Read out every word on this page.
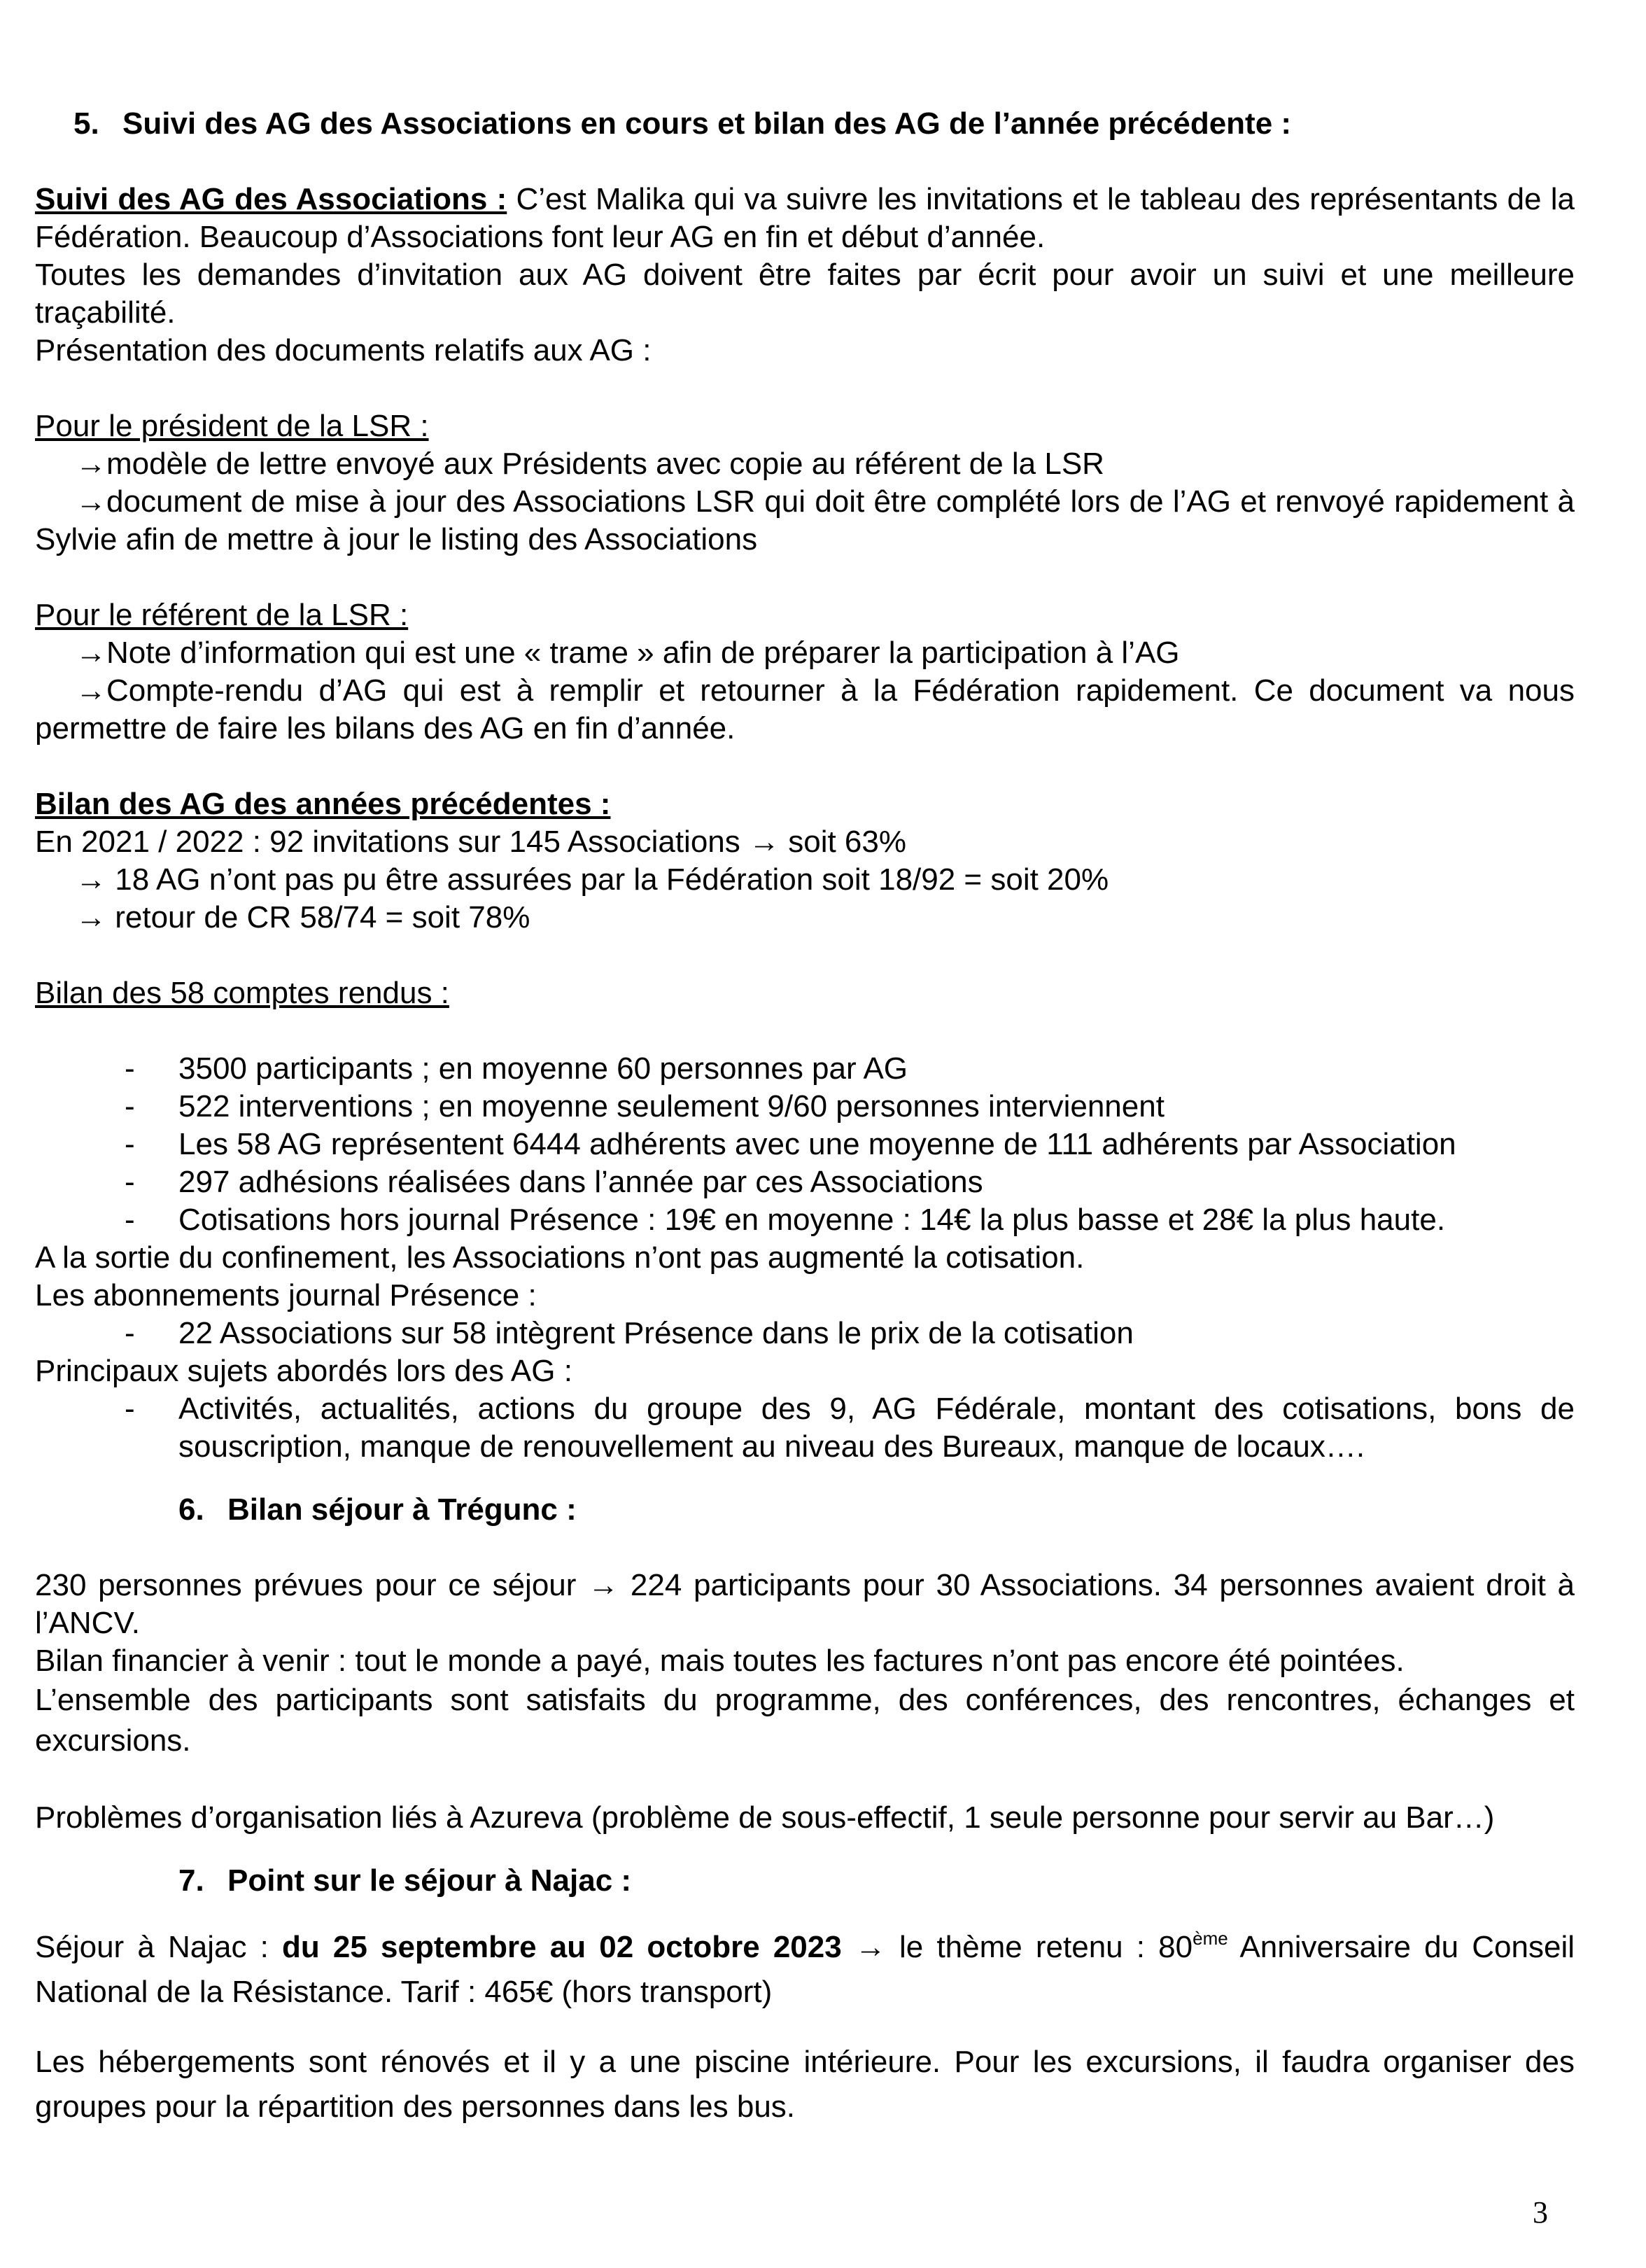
5. Suivi des AG des Associations en cours et bilan des AG de l’année précédente :

Suivi des AG des Associations : C’est Malika qui va suivre les invitations et le tableau des représentants de la Fédération. Beaucoup d’Associations font leur AG en fin et début d’année.

Toutes les demandes d’invitation aux AG doivent être faites par écrit pour avoir un suivi et une meilleure traçabilité.

Présentation des documents relatifs aux AG :

Pour le président de la LSR :

→modèle de lettre envoyé aux Présidents avec copie au référent de la LSR

→document de mise à jour des Associations LSR qui doit être complété lors de l’AG et renvoyé rapidement à Sylvie afin de mettre à jour le listing des Associations

Pour le référent de la LSR :

→Note d’information qui est une « trame » afin de préparer la participation à l’AG

→Compte-rendu d’AG qui est à remplir et retourner à la Fédération rapidement. Ce document va nous permettre de faire les bilans des AG en fin d’année.

Bilan des AG des années précédentes :

En 2021 / 2022 : 92 invitations sur 145 Associations → soit 63%

→ 18 AG n’ont pas pu être assurées par la Fédération soit 18/92 = soit 20%

→ retour de CR 58/74 = soit 78%

Bilan des 58 comptes rendus :

- 3500 participants ; en moyenne 60 personnes par AG
- 522 interventions ; en moyenne seulement 9/60 personnes interviennent
- Les 58 AG représentent 6444 adhérents avec une moyenne de 111 adhérents par Association
- 297 adhésions réalisées dans l’année par ces Associations
- Cotisations hors journal Présence : 19€ en moyenne : 14€ la plus basse et 28€ la plus haute.

A la sortie du confinement, les Associations n’ont pas augmenté la cotisation.

Les abonnements journal Présence :

- 22 Associations sur 58 intègrent Présence dans le prix de la cotisation

Principaux sujets abordés lors des AG :

- Activités, actualités, actions du groupe des 9, AG Fédérale, montant des cotisations, bons de souscription, manque de renouvellement au niveau des Bureaux, manque de locaux….

6. Bilan séjour à Trégunc :

230 personnes prévues pour ce séjour → 224 participants pour 30 Associations. 34 personnes avaient droit à l’ANCV.

Bilan financier à venir : tout le monde a payé, mais toutes les factures n’ont pas encore été pointées.

L’ensemble des participants sont satisfaits du programme, des conférences, des rencontres, échanges et excursions.

Problèmes d’organisation liés à Azureva (problème de sous-effectif, 1 seule personne pour servir au Bar…)

7. Point sur le séjour à Najac :

Séjour à Najac : du 25 septembre au 02 octobre 2023 → le thème retenu : 80ème Anniversaire du Conseil National de la Résistance. Tarif : 465€ (hors transport)

Les hébergements sont rénovés et il y a une piscine intérieure. Pour les excursions, il faudra organiser des groupes pour la répartition des personnes dans les bus.

3
